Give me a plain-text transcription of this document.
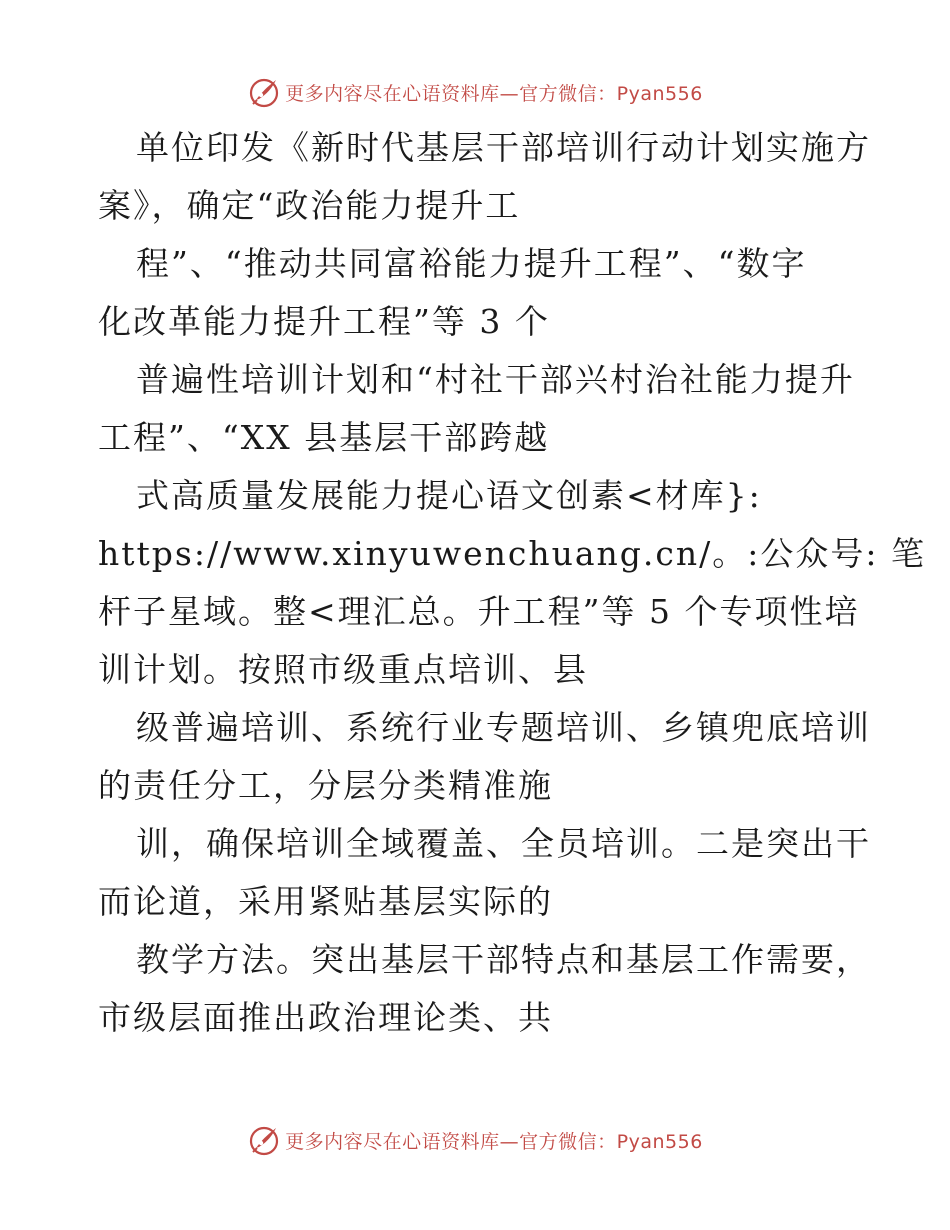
更多内容尽在心语资料库—官方微信：Pyan556
单位印发《新时代基层干部培训行动计划实施方
案》，确定“政治能力提升工
程”、“推动共同富裕能力提升工程”、“数字
化改革能力提升工程”等 3 个
普遍性培训计划和“村社干部兴村治社能力提升
工程”、“XX 县基层干部跨越
式高质量发展能力提心语文创素<材库}:
https://www.xinyuwenchuang.cn/。:公众号: 笔
杆子星域。整<理汇总。升工程”等 5 个专项性培
训计划。按照市级重点培训、县
级普遍培训、系统行业专题培训、乡镇兜底培训
的责任分工，分层分类精准施
训，确保培训全域覆盖、全员培训。二是突出干
而论道，采用紧贴基层实际的
教学方法。突出基层干部特点和基层工作需要，
市级层面推出政治理论类、共
更多内容尽在心语资料库—官方微信：Pyan556
